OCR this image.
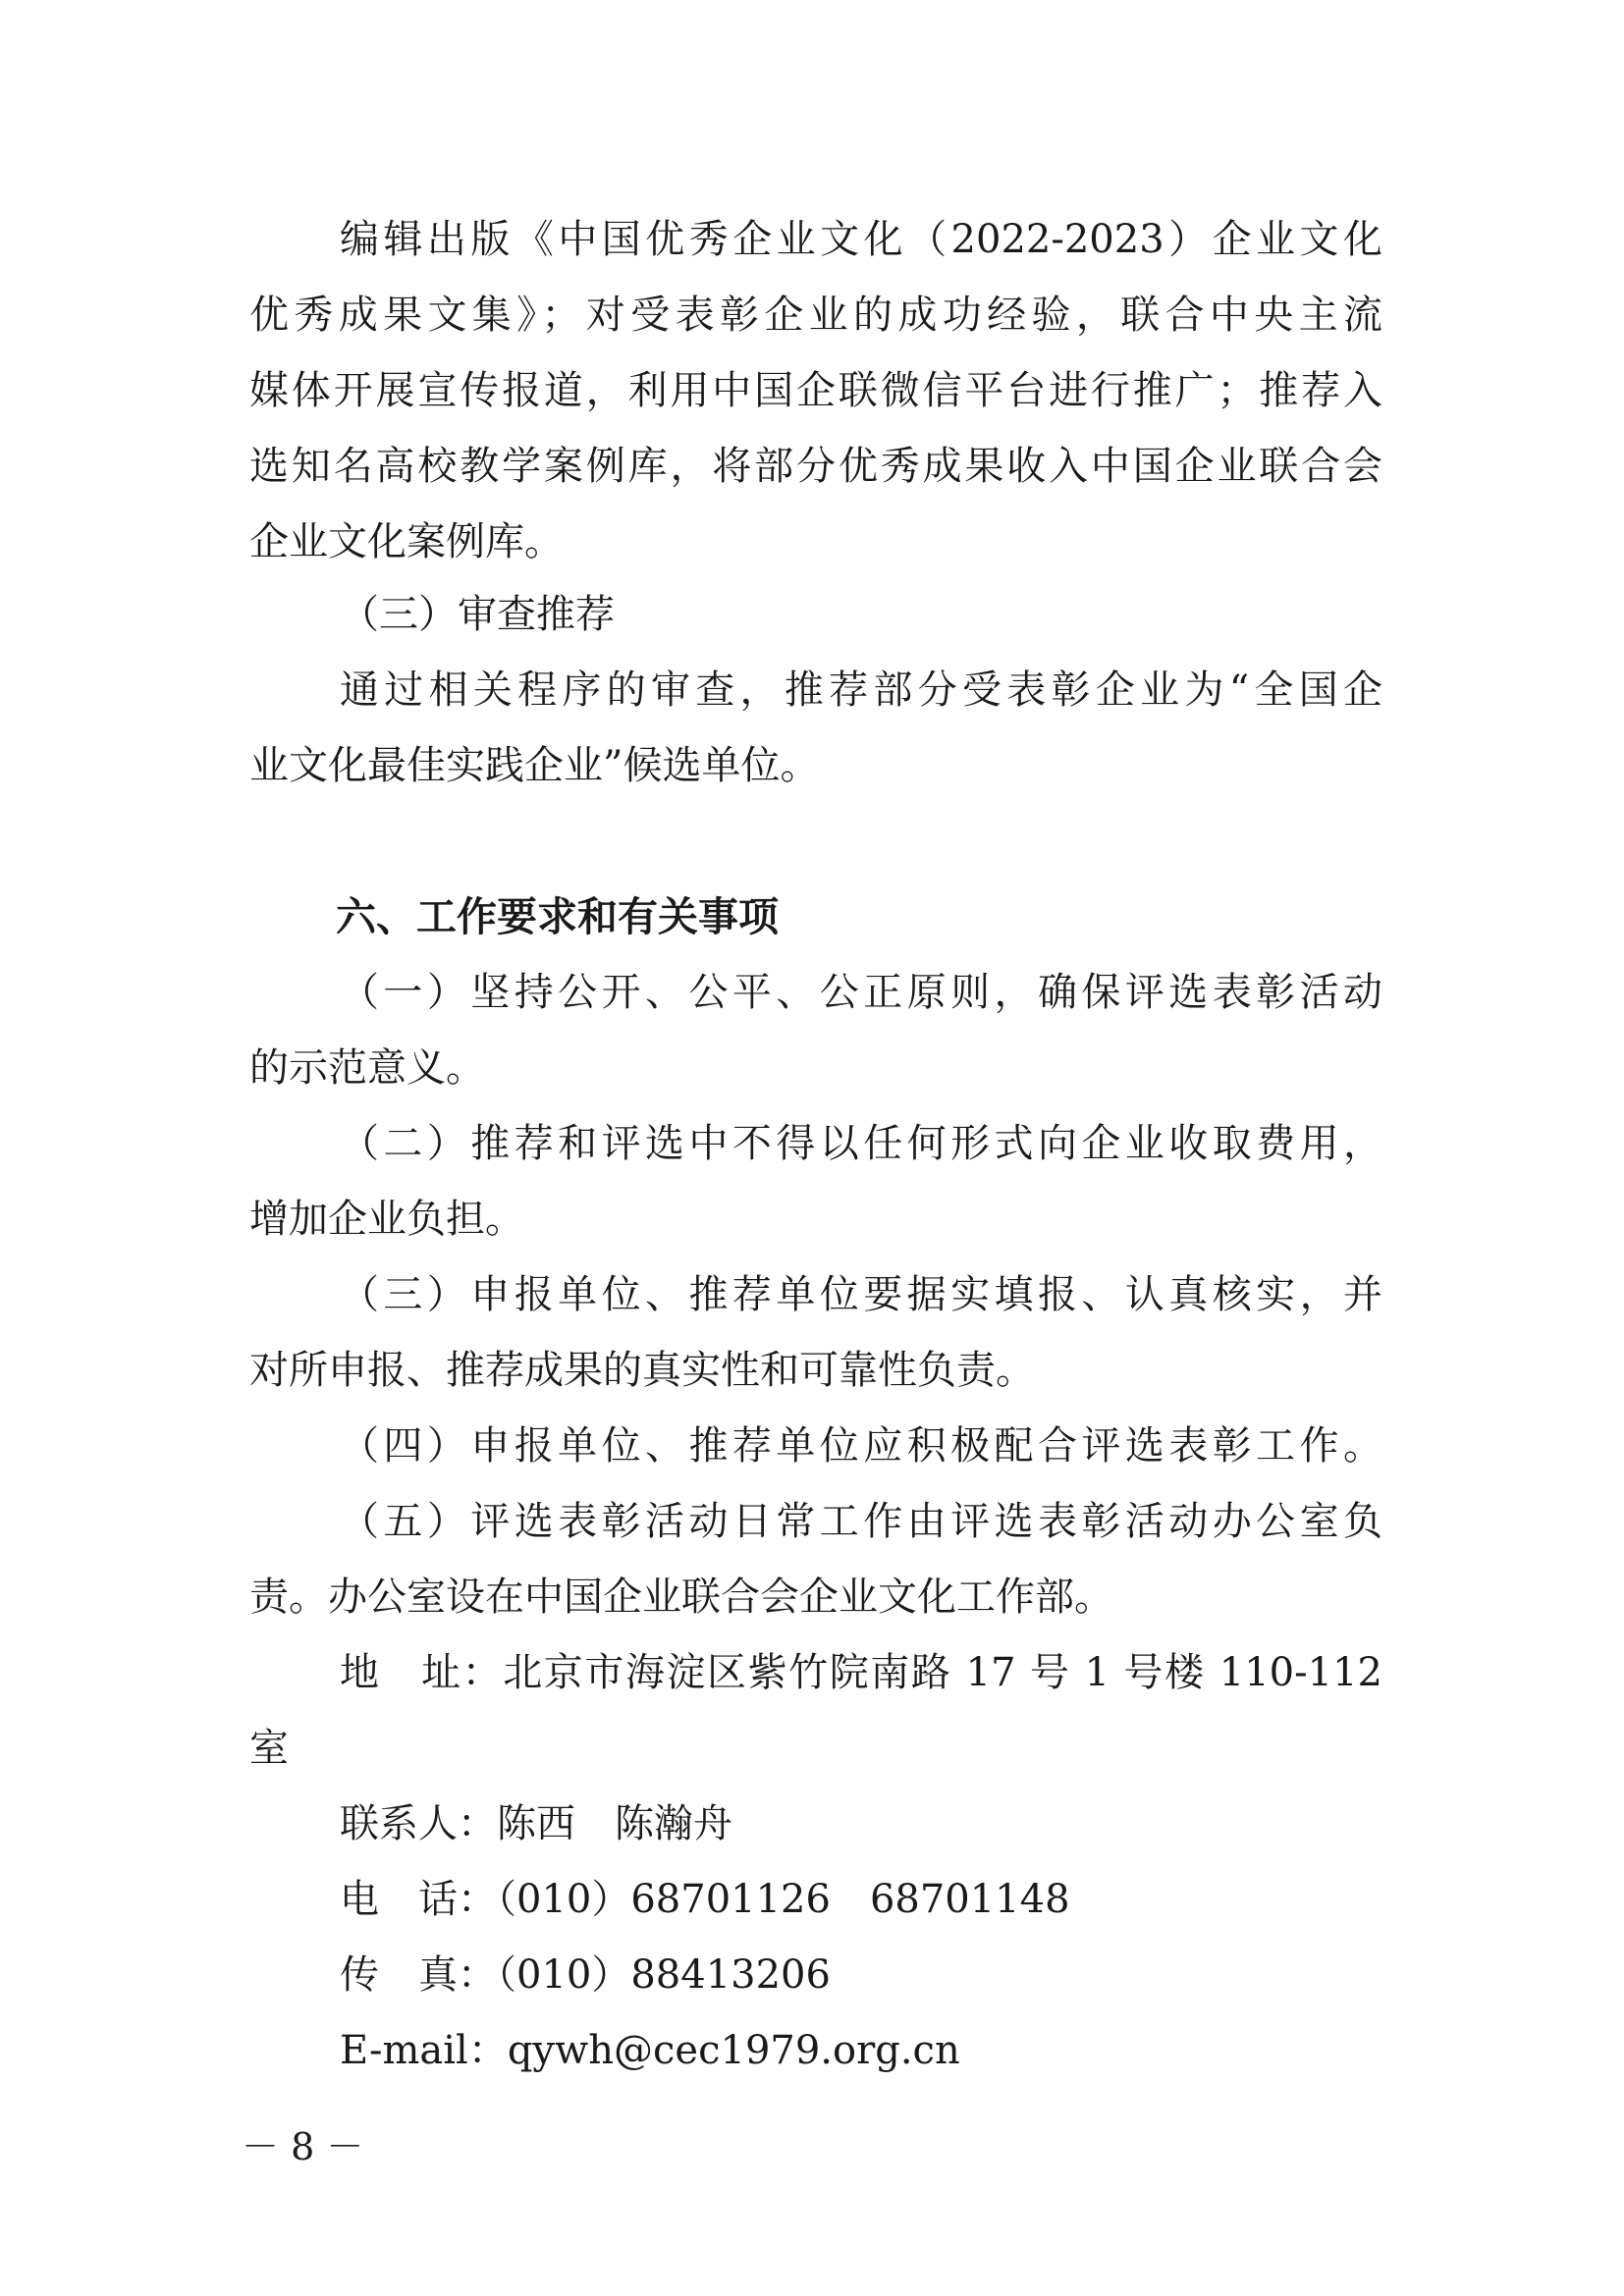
编辑出版《中国优秀企业文化（2022-2023）企业文化
优秀成果文集》；对受表彰企业的成功经验，联合中央主流
媒体开展宣传报道，利用中国企联微信平台进行推广；推荐入
选知名高校教学案例库，将部分优秀成果收入中国企业联合会
企业文化案例库。
（三）审查推荐
通过相关程序的审查，推荐部分受表彰企业为“全国企
业文化最佳实践企业”候选单位。
六、工作要求和有关事项
（一）坚持公开、公平、公正原则，确保评选表彰活动
的示范意义。
（二）推荐和评选中不得以任何形式向企业收取费用，
增加企业负担。
（三）申报单位、推荐单位要据实填报、认真核实，并
对所申报、推荐成果的真实性和可靠性负责。
（四）申报单位、推荐单位应积极配合评选表彰工作。
（五）评选表彰活动日常工作由评选表彰活动办公室负
责。办公室设在中国企业联合会企业文化工作部。
地　址：北京市海淀区紫竹院南路 17 号 1 号楼 110-112
室
联系人：陈西　陈瀚舟
电　话：（010）68701126　68701148
传　真：（010）88413206
E-mail：qywh@cec1979.org.cn
－ 8 －
